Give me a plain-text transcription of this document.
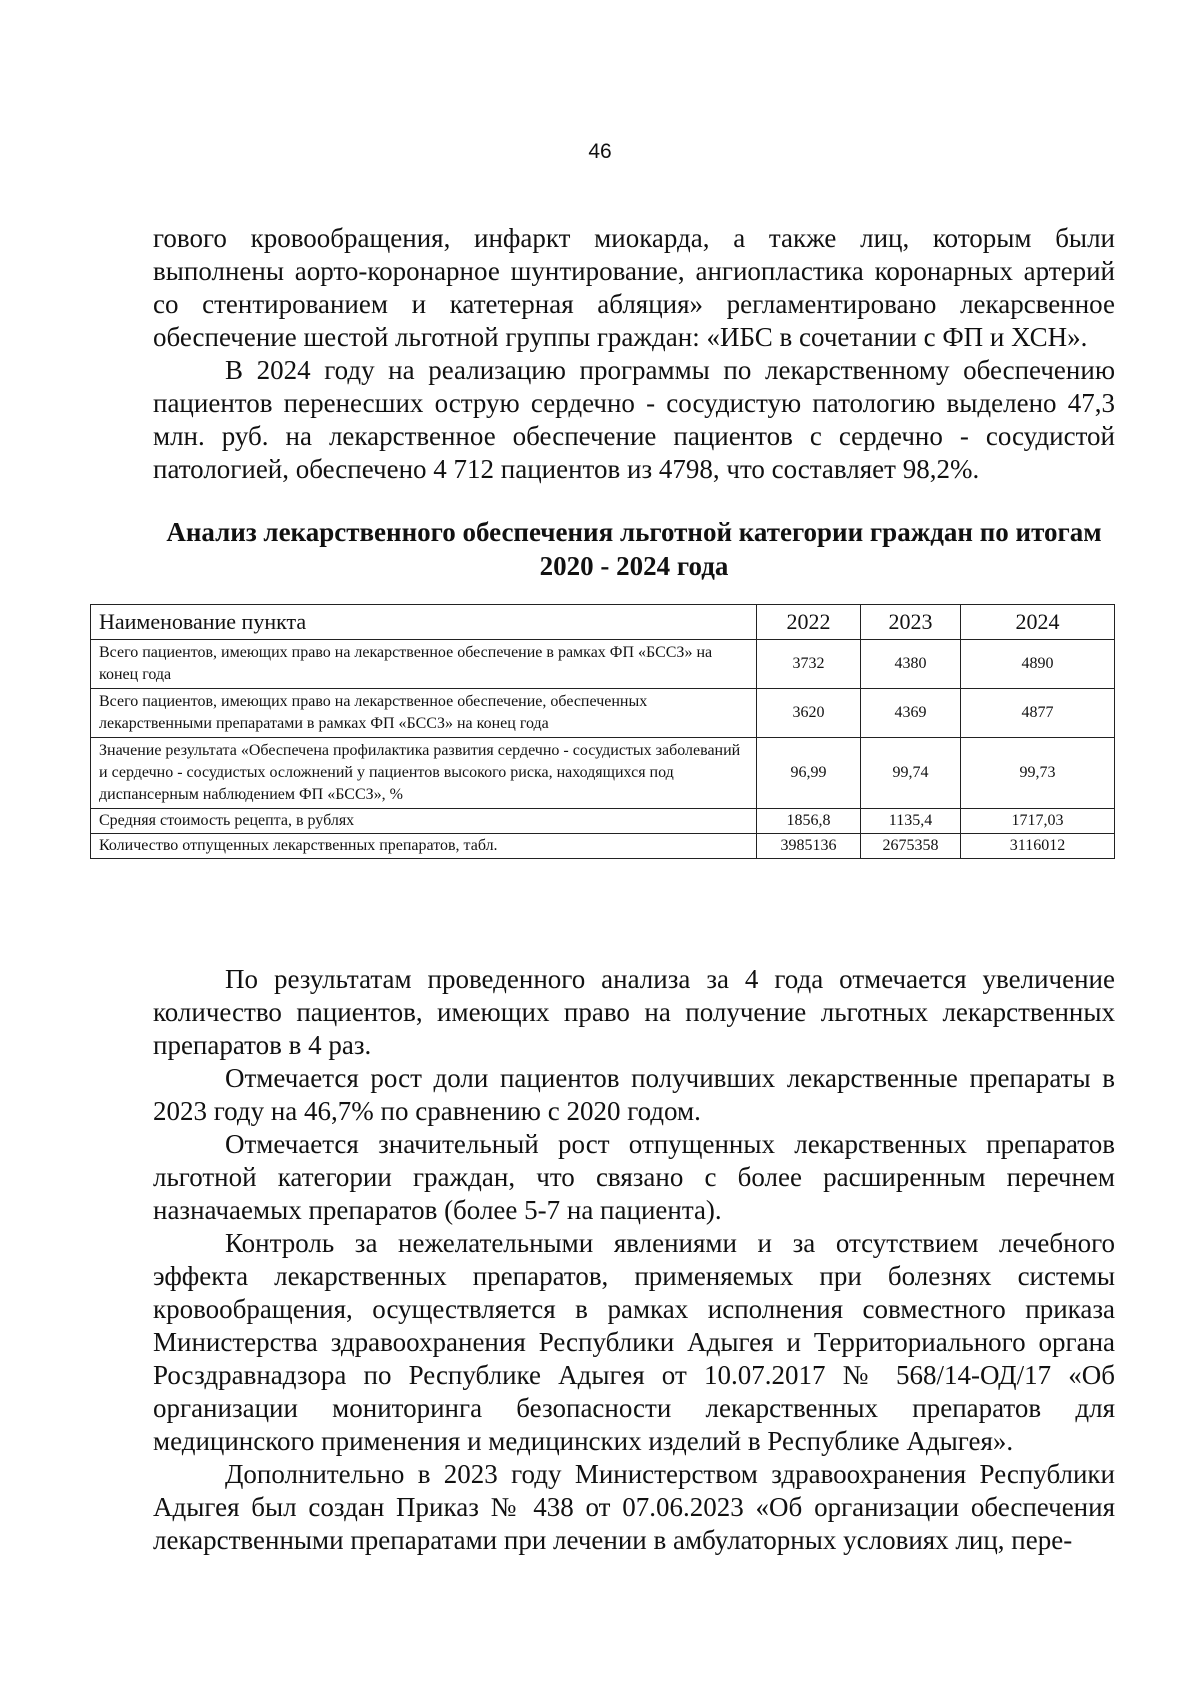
46

гового кровообращения, инфаркт миокарда, а также лиц, которым были выполнены аорто-коронарное шунтирование, ангиопластика коронарных артерий со стентированием и катетерная абляция» регламентировано лекарсвенное обеспечение шестой льготной группы граждан: «ИБС в сочетании с ФП и ХСН».

В 2024 году на реализацию программы по лекарственному обеспечению пациентов перенесших острую сердечно - сосудистую патологию выделено 47,3 млн. руб. на лекарственное обеспечение пациентов с сердечно - сосудистой патологией, обеспечено 4 712 пациентов из 4798, что составляет 98,2%.

Анализ лекарственного обеспечения льготной категории граждан по итогам 2020 - 2024 года
Наименование пункта	2022	2023	2024
Всего пациентов, имеющих право на лекарственное обеспечение в рамках ФП «БССЗ» на конец года	3732	4380	4890
Всего пациентов, имеющих право на лекарственное обеспечение, обеспеченных лекарственными препаратами в рамках ФП «БССЗ» на конец года	3620	4369	4877
Значение результата «Обеспечена профилактика развития сердечно - сосудистых заболеваний и сердечно - сосудистых осложнений у пациентов высокого риска, находящихся под диспансерным наблюдением ФП «БССЗ», %	96,99	99,74	99,73
Средняя стоимость рецепта, в рублях	1856,8	1135,4	1717,03
Количество отпущенных лекарственных препаратов, табл.	3985136	2675358	3116012

По результатам проведенного анализа за 4 года отмечается увеличение количество пациентов, имеющих право на получение льготных лекарственных препаратов в 4 раз.

Отмечается рост доли пациентов получивших лекарственные препараты в 2023 году на 46,7% по сравнению с 2020 годом.

Отмечается значительный рост отпущенных лекарственных препаратов льготной категории граждан, что связано с более расширенным перечнем назначаемых препаратов (более 5-7 на пациента).

Контроль за нежелательными явлениями и за отсутствием лечебного эффекта лекарственных препаратов, применяемых при болезнях системы кровообращения, осуществляется в рамках исполнения совместного приказа Министерства здравоохранения Республики Адыгея и Территориального органа Росздравнадзора по Республике Адыгея от 10.07.2017 № 568/14-ОД/17 «Об организации мониторинга безопасности лекарственных препаратов для медицинского применения и медицинских изделий в Республике Адыгея».

Дополнительно в 2023 году Министерством здравоохранения Республики Адыгея был создан Приказ № 438 от 07.06.2023 «Об организации обеспечения лекарственными препаратами при лечении в амбулаторных условиях лиц, пере-
